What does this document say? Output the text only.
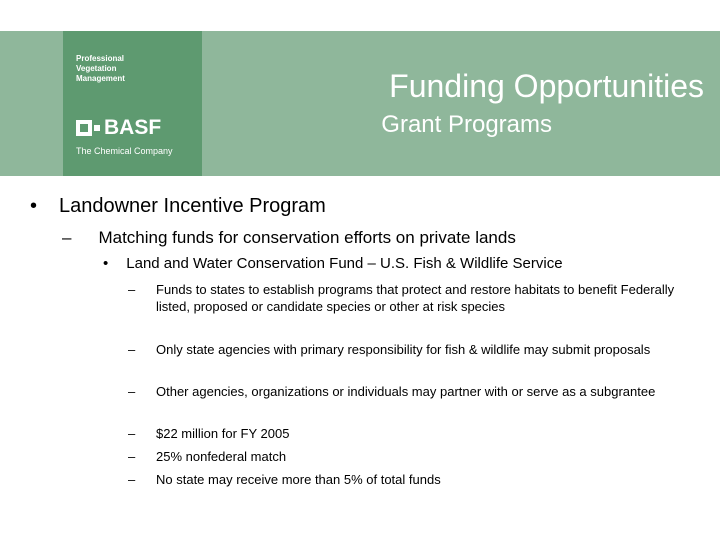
Professional
Vegetation
Management
BASF
The Chemical Company
Funding Opportunities
Grant Programs
• Landowner Incentive Program
– Matching funds for conservation efforts on private lands
• Land and Water Conservation Fund – U.S. Fish & Wildlife Service
– Funds to states to establish programs that protect and restore habitats to benefit Federally listed, proposed or candidate species or other at risk species
– Only state agencies with primary responsibility for fish & wildlife may submit proposals
– Other agencies, organizations or individuals may partner with or serve as a subgrantee
– $22 million for FY 2005
– 25% nonfederal match
– No state may receive more than 5% of total funds
